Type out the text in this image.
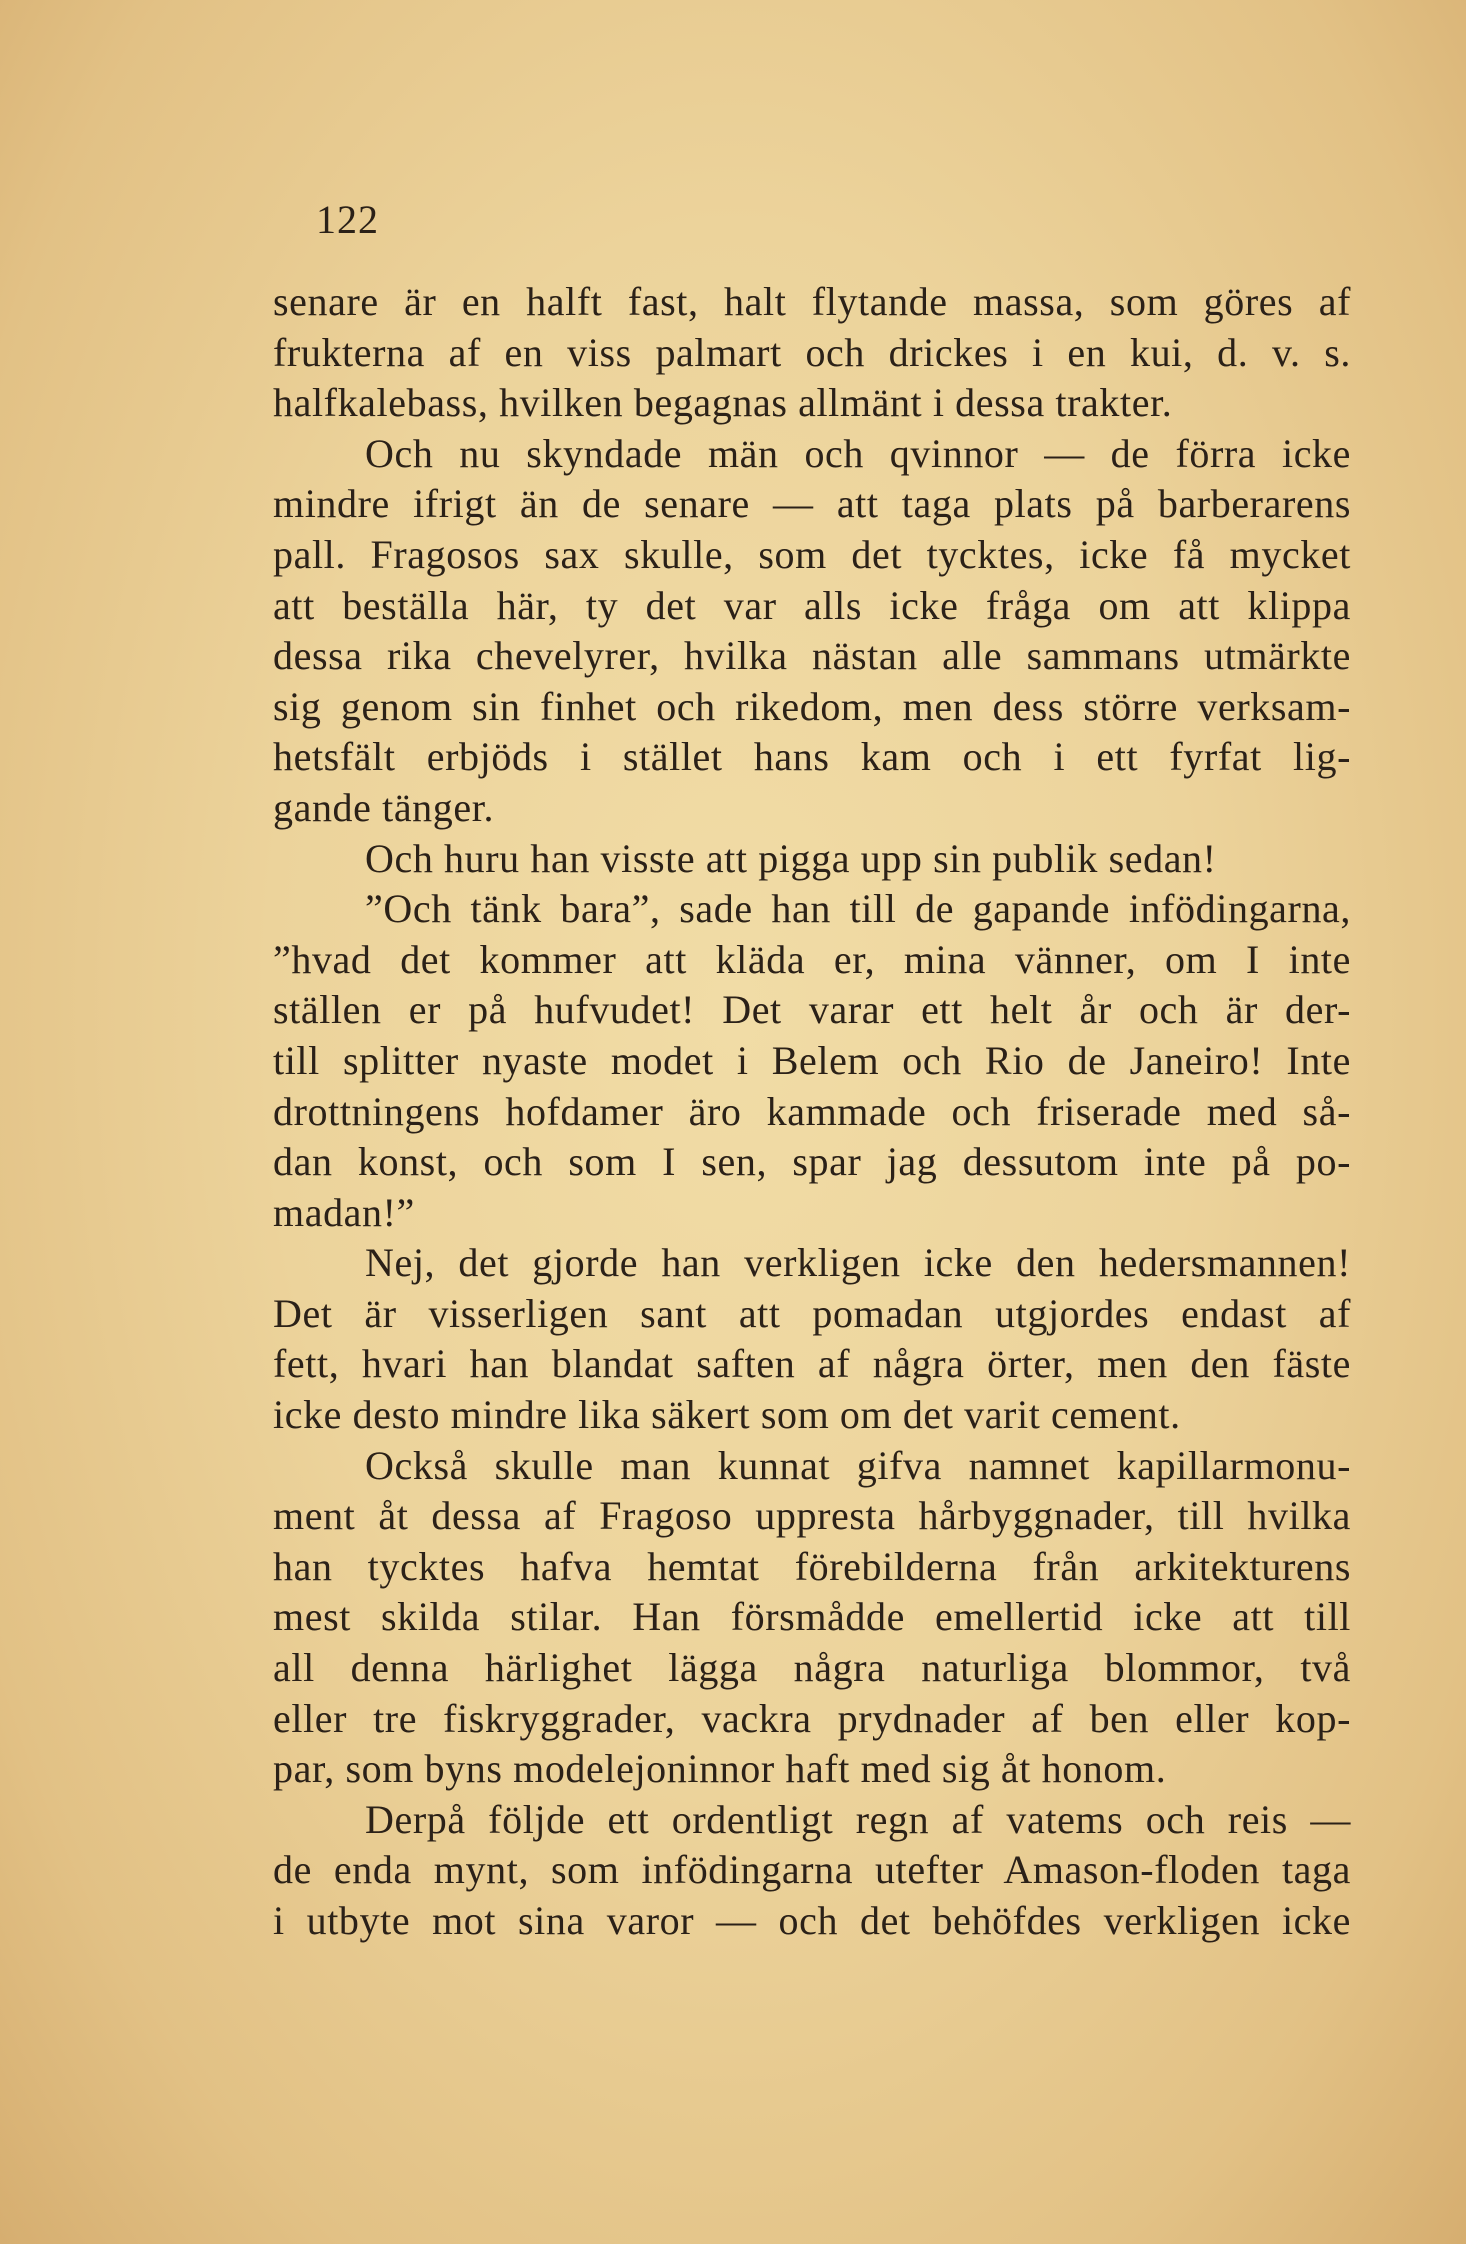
122
senare är en halft fast, halt flytande massa, som göres af
frukterna af en viss palmart och drickes i en kui, d. v. s.
halfkalebass, hvilken begagnas allmänt i dessa trakter.
Och nu skyndade män och qvinnor — de förra icke
mindre ifrigt än de senare — att taga plats på barberarens
pall. Fragosos sax skulle, som det tycktes, icke få mycket
att beställa här, ty det var alls icke fråga om att klippa
dessa rika chevelyrer, hvilka nästan alle sammans utmärkte
sig genom sin finhet och rikedom, men dess större verksam-
hetsfält erbjöds i stället hans kam och i ett fyrfat lig-
gande tänger.
Och huru han visste att pigga upp sin publik sedan!
”Och tänk bara”, sade han till de gapande infödingarna,
”hvad det kommer att kläda er, mina vänner, om I inte
ställen er på hufvudet! Det varar ett helt år och är der-
till splitter nyaste modet i Belem och Rio de Janeiro! Inte
drottningens hofdamer äro kammade och friserade med så-
dan konst, och som I sen, spar jag dessutom inte på po-
madan!”
Nej, det gjorde han verkligen icke den hedersmannen!
Det är visserligen sant att pomadan utgjordes endast af
fett, hvari han blandat saften af några örter, men den fäste
icke desto mindre lika säkert som om det varit cement.
Också skulle man kunnat gifva namnet kapillarmonu-
ment åt dessa af Fragoso uppresta hårbyggnader, till hvilka
han tycktes hafva hemtat förebilderna från arkitekturens
mest skilda stilar. Han försmådde emellertid icke att till
all denna härlighet lägga några naturliga blommor, två
eller tre fiskryggrader, vackra prydnader af ben eller kop-
par, som byns modelejoninnor haft med sig åt honom.
Derpå följde ett ordentligt regn af vatems och reis —
de enda mynt, som infödingarna utefter Amason-floden taga
i utbyte mot sina varor — och det behöfdes verkligen icke
